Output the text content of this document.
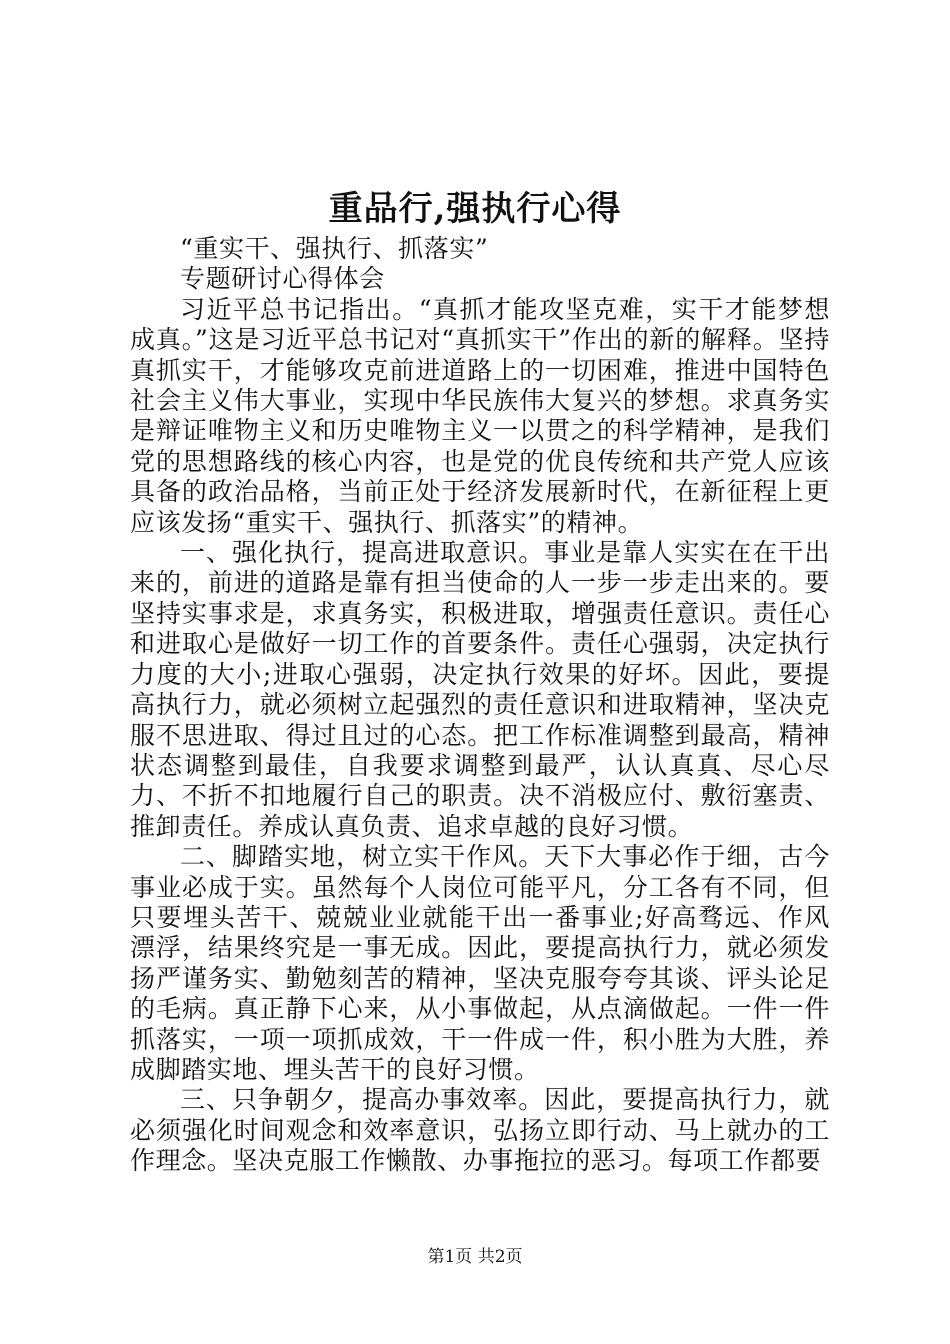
重品行,强执行心得

“重实干、强执行、抓落实”

专题研讨心得体会

习近平总书记指出。“真抓才能攻坚克难，实干才能梦想成真。”这是习近平总书记对“真抓实干”作出的新的解释。坚持真抓实干，才能够攻克前进道路上的一切困难，推进中国特色社会主义伟大事业，实现中华民族伟大复兴的梦想。求真务实是辩证唯物主义和历史唯物主义一以贯之的科学精神，是我们党的思想路线的核心内容，也是党的优良传统和共产党人应该具备的政治品格，当前正处于经济发展新时代，在新征程上更应该发扬“重实干、强执行、抓落实”的精神。

一、强化执行，提高进取意识。事业是靠人实实在在干出来的，前进的道路是靠有担当使命的人一步一步走出来的。要坚持实事求是，求真务实，积极进取，增强责任意识。责任心和进取心是做好一切工作的首要条件。责任心强弱，决定执行力度的大小;进取心强弱，决定执行效果的好坏。因此，要提高执行力，就必须树立起强烈的责任意识和进取精神，坚决克服不思进取、得过且过的心态。把工作标准调整到最高，精神状态调整到最佳，自我要求调整到最严，认认真真、尽心尽力、不折不扣地履行自己的职责。决不消极应付、敷衍塞责、推卸责任。养成认真负责、追求卓越的良好习惯。

二、脚踏实地，树立实干作风。天下大事必作于细，古今事业必成于实。虽然每个人岗位可能平凡，分工各有不同，但只要埋头苦干、兢兢业业就能干出一番事业;好高骛远、作风漂浮，结果终究是一事无成。因此，要提高执行力，就必须发扬严谨务实、勤勉刻苦的精神，坚决克服夸夸其谈、评头论足的毛病。真正静下心来，从小事做起，从点滴做起。一件一件抓落实，一项一项抓成效，干一件成一件，积小胜为大胜，养成脚踏实地、埋头苦干的良好习惯。

三、只争朝夕，提高办事效率。因此，要提高执行力，就必须强化时间观念和效率意识，弘扬立即行动、马上就办的工作理念。坚决克服工作懒散、办事拖拉的恶习。每项工作都要

第1页 共2页
